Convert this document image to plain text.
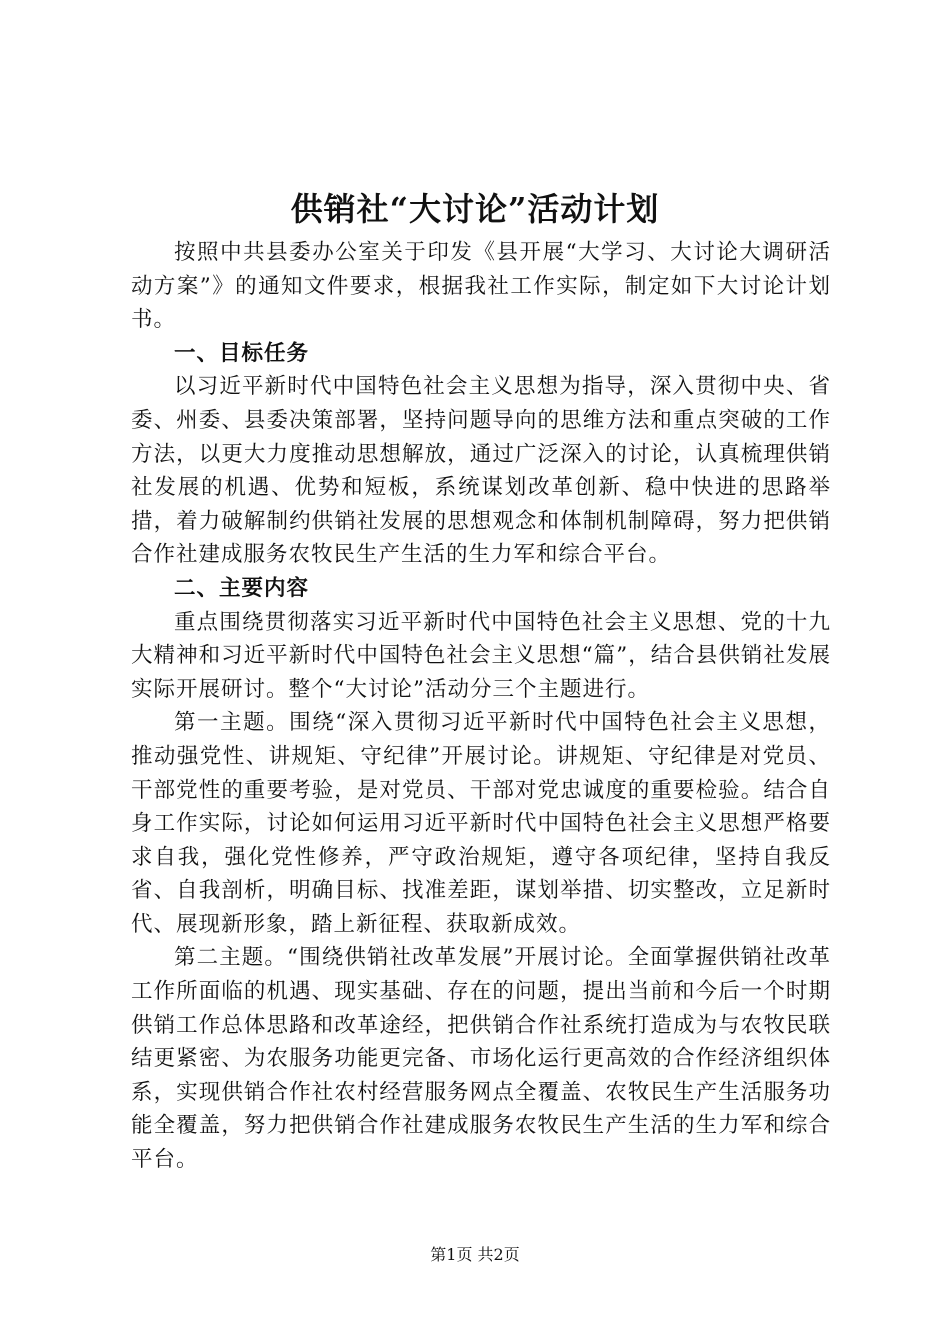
供销社“大讨论”活动计划

按照中共县委办公室关于印发《县开展“大学习、大讨论大调研活动方案”》的通知文件要求，根据我社工作实际，制定如下大讨论计划书。

一、目标任务

以习近平新时代中国特色社会主义思想为指导，深入贯彻中央、省委、州委、县委决策部署，坚持问题导向的思维方法和重点突破的工作方法，以更大力度推动思想解放，通过广泛深入的讨论，认真梳理供销社发展的机遇、优势和短板，系统谋划改革创新、稳中快进的思路举措，着力破解制约供销社发展的思想观念和体制机制障碍，努力把供销合作社建成服务农牧民生产生活的生力军和综合平台。

二、主要内容

重点围绕贯彻落实习近平新时代中国特色社会主义思想、党的十九大精神和习近平新时代中国特色社会主义思想“篇”，结合县供销社发展实际开展研讨。整个“大讨论”活动分三个主题进行。

第一主题。围绕“深入贯彻习近平新时代中国特色社会主义思想，推动强党性、讲规矩、守纪律”开展讨论。讲规矩、守纪律是对党员、干部党性的重要考验，是对党员、干部对党忠诚度的重要检验。结合自身工作实际，讨论如何运用习近平新时代中国特色社会主义思想严格要求自我，强化党性修养，严守政治规矩，遵守各项纪律，坚持自我反省、自我剖析，明确目标、找准差距，谋划举措、切实整改，立足新时代、展现新形象，踏上新征程、获取新成效。

第二主题。“围绕供销社改革发展”开展讨论。全面掌握供销社改革工作所面临的机遇、现实基础、存在的问题，提出当前和今后一个时期供销工作总体思路和改革途经，把供销合作社系统打造成为与农牧民联结更紧密、为农服务功能更完备、市场化运行更高效的合作经济组织体系，实现供销合作社农村经营服务网点全覆盖、农牧民生产生活服务功能全覆盖，努力把供销合作社建成服务农牧民生产生活的生力军和综合平台。

第1页 共2页
